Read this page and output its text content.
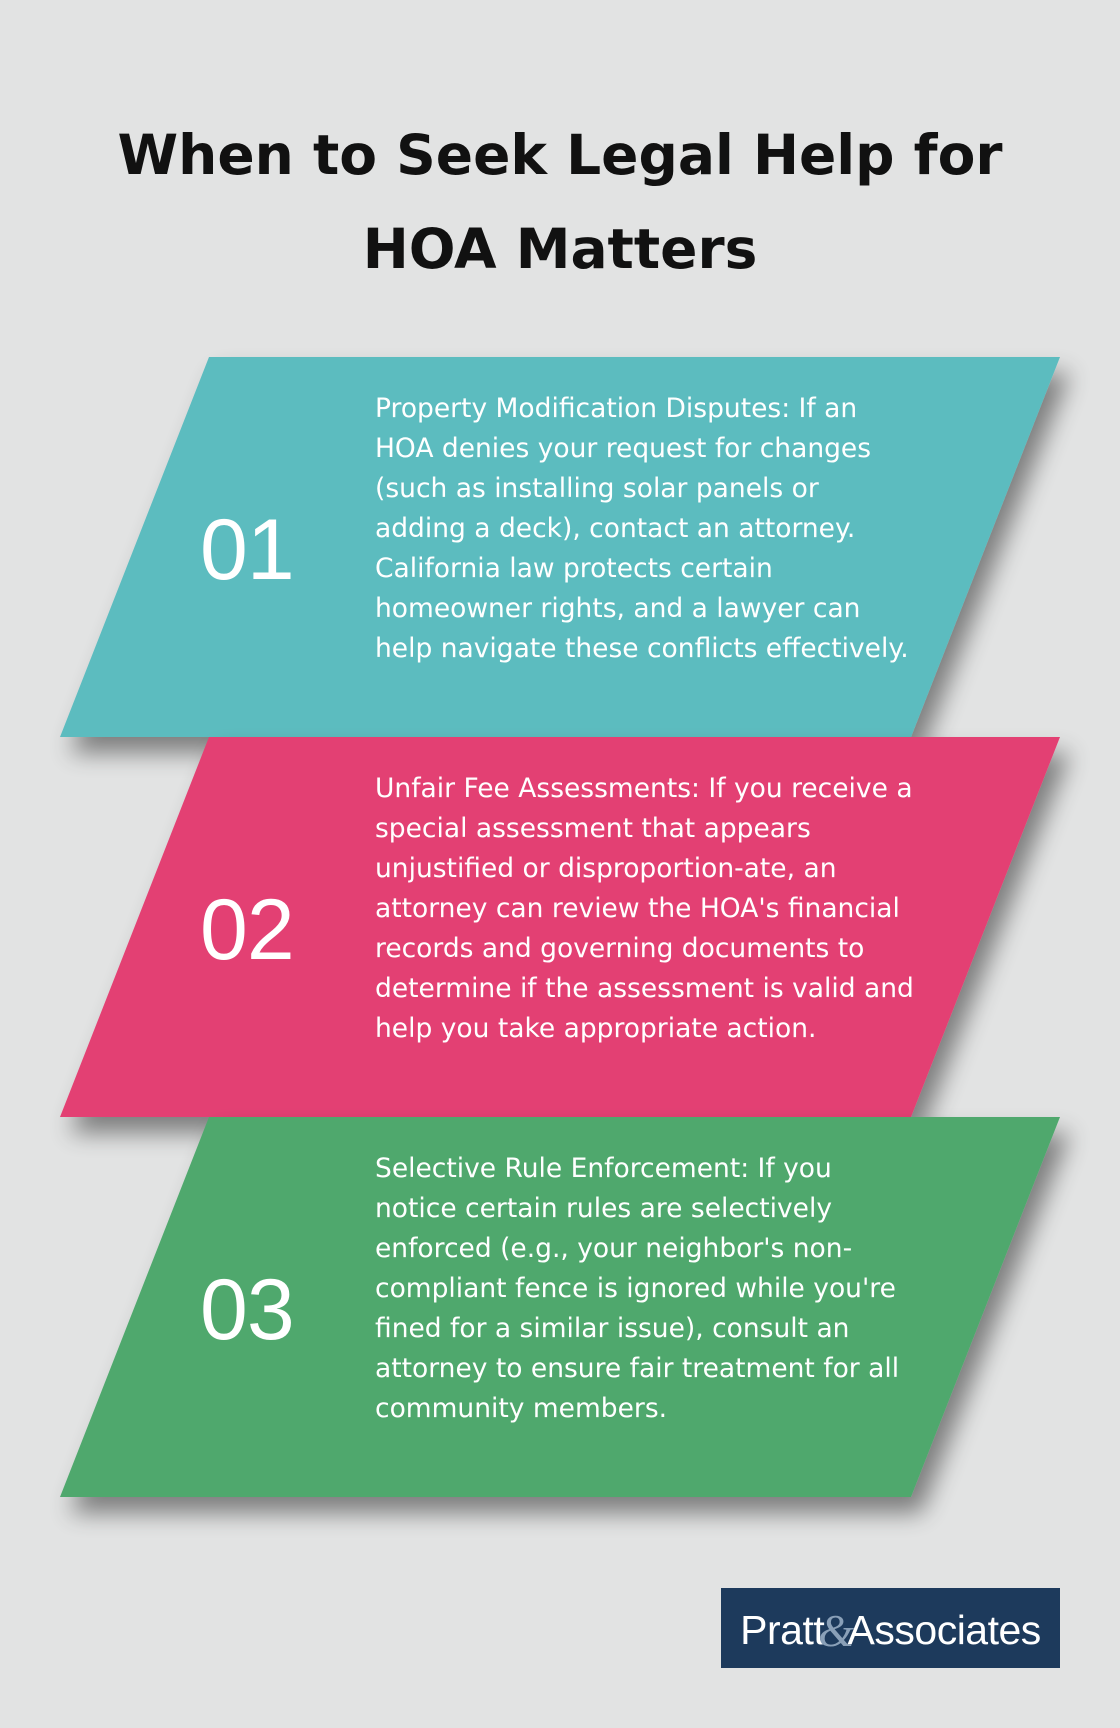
When to Seek Legal Help for HOA Matters
01

Property Modification Disputes: If an HOA denies your request for changes (such as installing solar panels or adding a deck), contact an attorney. California law protects certain homeowner rights, and a lawyer can help navigate these conflicts effectively.

02

Unfair Fee Assessments: If you receive a special assessment that appears unjustified or disproportion-ate, an attorney can review the HOA's financial records and governing documents to determine if the assessment is valid and help you take appropriate action.

03

Selective Rule Enforcement: If you notice certain rules are selectively enforced (e.g., your neighbor's non-compliant fence is ignored while you're fined for a similar issue), consult an attorney to ensure fair treatment for all community members.

Pratt&Associates
